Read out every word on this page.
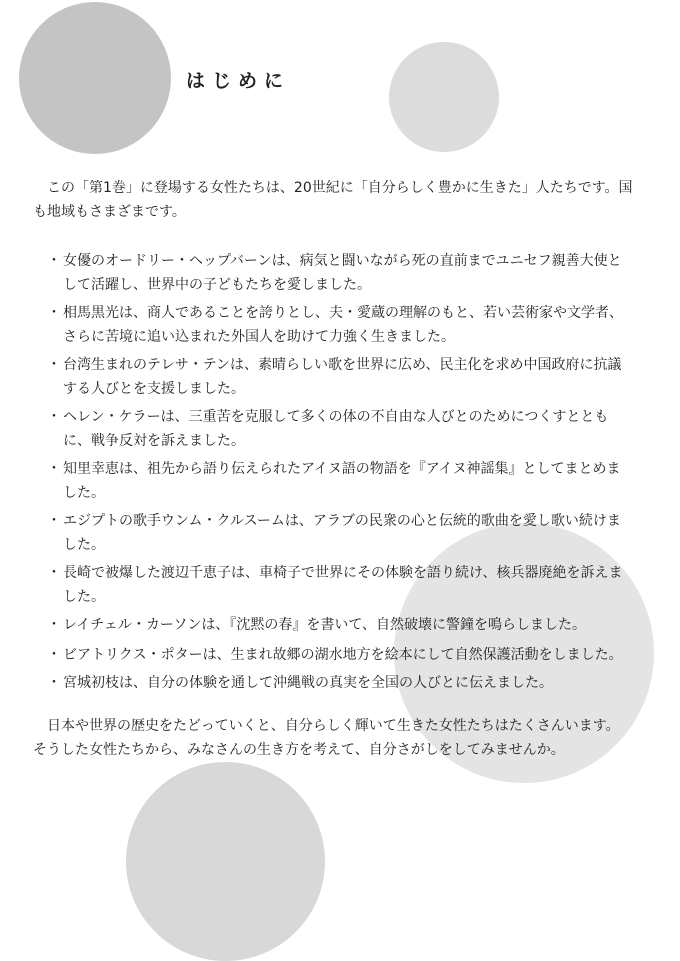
はじめに

この「第1巻」に登場する女性たちは、20世紀に「自分らしく豊かに生きた」人たちです。国も地域もさまざまです。

・ 女優のオードリー・ヘップバーンは、病気と闘いながら死の直前までユニセフ親善大使として活躍し、世界中の子どもたちを愛しました。
・ 相馬黒光は、商人であることを誇りとし、夫・愛蔵の理解のもと、若い芸術家や文学者、さらに苦境に追い込まれた外国人を助けて力強く生きました。
・ 台湾生まれのテレサ・テンは、素晴らしい歌を世界に広め、民主化を求め中国政府に抗議する人びとを支援しました。
・ ヘレン・ケラーは、三重苦を克服して多くの体の不自由な人びとのためにつくすとともに、戦争反対を訴えました。
・ 知里幸恵は、祖先から語り伝えられたアイヌ語の物語を『アイヌ神謡集』としてまとめました。
・ エジプトの歌手ウンム・クルスームは、アラブの民衆の心と伝統的歌曲を愛し歌い続けました。
・ 長崎で被爆した渡辺千恵子は、車椅子で世界にその体験を語り続け、核兵器廃絶を訴えました。
・ レイチェル・カーソンは、『沈黙の春』を書いて、自然破壊に警鐘を鳴らしました。
・ ビアトリクス・ポターは、生まれ故郷の湖水地方を絵本にして自然保護活動をしました。
・ 宮城初枝は、自分の体験を通して沖縄戦の真実を全国の人びとに伝えました。

日本や世界の歴史をたどっていくと、自分らしく輝いて生きた女性たちはたくさんいます。そうした女性たちから、みなさんの生き方を考えて、自分さがしをしてみませんか。
